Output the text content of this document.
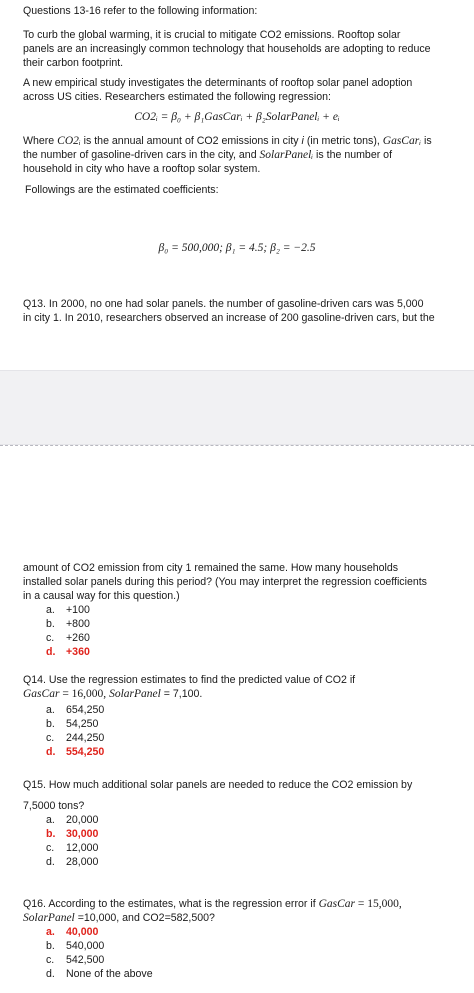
Questions 13-16 refer to the following information:
To curb the global warming, it is crucial to mitigate CO2 emissions. Rooftop solar
panels are an increasingly common technology that households are adopting to reduce
their carbon footprint.
A new empirical study investigates the determinants of rooftop solar panel adoption
across US cities. Researchers estimated the following regression:
CO2ᵢ = β₀ + β₁GasCarᵢ + β₂SolarPanelᵢ + eᵢ
Where CO2ᵢ is the annual amount of CO2 emissions in city i (in metric tons), GasCarᵢ is
the number of gasoline-driven cars in the city, and SolarPanelᵢ is the number of
household in city who have a rooftop solar system.
Followings are the estimated coefficients:
β₀ = 500,000; β₁ = 4.5; β₂ = −2.5
Q13. In 2000, no one had solar panels. the number of gasoline-driven cars was 5,000
in city 1. In 2010, researchers observed an increase of 200 gasoline-driven cars, but the
amount of CO2 emission from city 1 remained the same. How many households
installed solar panels during this period? (You may interpret the regression coefficients
in a causal way for this question.)
a. +100
b. +800
c. +260
d. +360
Q14. Use the regression estimates to find the predicted value of CO2 if
GasCar = 16,000, SolarPanel = 7,100.
a. 654,250
b. 54,250
c. 244,250
d. 554,250
Q15. How much additional solar panels are needed to reduce the CO2 emission by
7,5000 tons?
a. 20,000
b. 30,000
c. 12,000
d. 28,000
Q16. According to the estimates, what is the regression error if GasCar = 15,000,
SolarPanel =10,000, and CO2=582,500?
a. 40,000
b. 540,000
c. 542,500
d. None of the above
